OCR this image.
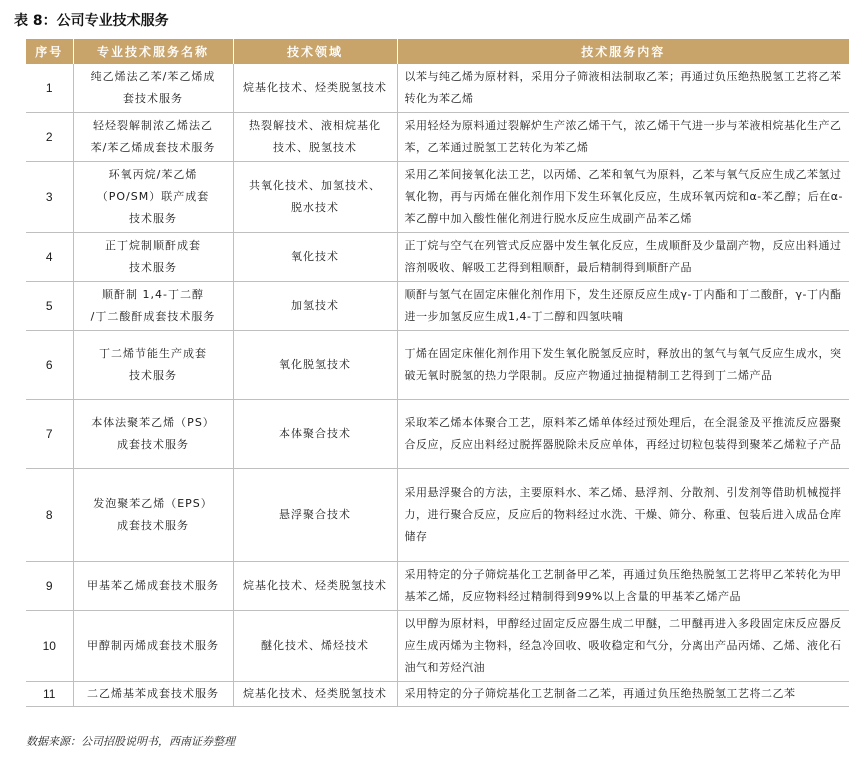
表 8：公司专业技术服务
序号	专业技术服务名称	技术领域	技术服务内容
1	纯乙烯法乙苯/苯乙烯成
套技术服务	烷基化技术、烃类脱氢技术	以苯与纯乙烯为原材料，采用分子筛液相法制取乙苯；再通过负压绝热脱氢工艺将乙苯转化为苯乙烯
2	轻烃裂解制浓乙烯法乙
苯/苯乙烯成套技术服务	热裂解技术、液相烷基化
技术、脱氢技术	采用轻烃为原料通过裂解炉生产浓乙烯干气，浓乙烯干气进一步与苯液相烷基化生产乙苯，乙苯通过脱氢工艺转化为苯乙烯
3	环氧丙烷/苯乙烯
（PO/SM）联产成套
技术服务	共氧化技术、加氢技术、
脱水技术	采用乙苯间接氧化法工艺，以丙烯、乙苯和氧气为原料，乙苯与氧气反应生成乙苯氢过氧化物，再与丙烯在催化剂作用下发生环氧化反应，生成环氧丙烷和α-苯乙醇；后在α-苯乙醇中加入酸性催化剂进行脱水反应生成副产品苯乙烯
4	正丁烷制顺酐成套
技术服务	氧化技术	正丁烷与空气在列管式反应器中发生氧化反应，生成顺酐及少量副产物，反应出料通过溶剂吸收、解吸工艺得到粗顺酐，最后精制得到顺酐产品
5	顺酐制 1,4-丁二醇
/丁二酸酐成套技术服务	加氢技术	顺酐与氢气在固定床催化剂作用下，发生还原反应生成γ-丁内酯和丁二酸酐，γ-丁内酯进一步加氢反应生成1,4-丁二醇和四氢呋喃
6	丁二烯节能生产成套
技术服务	氧化脱氢技术	丁烯在固定床催化剂作用下发生氧化脱氢反应时，释放出的氢气与氧气反应生成水，突破无氧时脱氢的热力学限制。反应产物通过抽提精制工艺得到丁二烯产品
7	本体法聚苯乙烯（PS）
成套技术服务	本体聚合技术	采取苯乙烯本体聚合工艺，原料苯乙烯单体经过预处理后，在全混釜及平推流反应器聚合反应，反应出料经过脱挥器脱除未反应单体，再经过切粒包装得到聚苯乙烯粒子产品
8	发泡聚苯乙烯（EPS）
成套技术服务	悬浮聚合技术	采用悬浮聚合的方法，主要原料水、苯乙烯、悬浮剂、分散剂、引发剂等借助机械搅拌力，进行聚合反应，反应后的物料经过水洗、干燥、筛分、称重、包装后进入成品仓库储存
9	甲基苯乙烯成套技术服务	烷基化技术、烃类脱氢技术	采用特定的分子筛烷基化工艺制备甲乙苯，再通过负压绝热脱氢工艺将甲乙苯转化为甲基苯乙烯，反应物料经过精制得到99%以上含量的甲基苯乙烯产品
10	甲醇制丙烯成套技术服务	醚化技术、烯烃技术	以甲醇为原材料，甲醇经过固定反应器生成二甲醚，二甲醚再进入多段固定床反应器反应生成丙烯为主物料，经急冷回收、吸收稳定和气分，分离出产品丙烯、乙烯、液化石油气和芳烃汽油
11	二乙烯基苯成套技术服务	烷基化技术、烃类脱氢技术	采用特定的分子筛烷基化工艺制备二乙苯，再通过负压绝热脱氢工艺将二乙苯
数据来源：公司招股说明书，西南证券整理
